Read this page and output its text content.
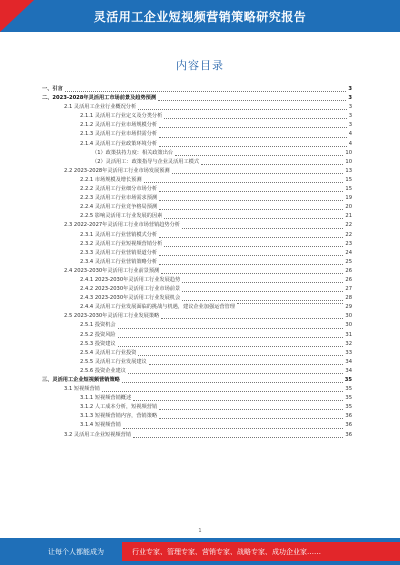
灵活用工企业短视频营销策略研究报告
内容目录
一、引言	3
二、2023-2028年灵活用工市场前景及趋势预测	3
2.1 灵活用工企业行业概况分析	3
2.1.1 灵活用工行业定义及分类分析	3
2.1.2 灵活用工行业市场规模分析	3
2.1.3 灵活用工行业市场供需分析	4
2.1.4 灵活用工行业政策环境分析	4
（1）政策扶持力度：相关政策出台	10
（2）灵活用工：政策指导与企业灵活用工模式	10
2.2 2023-2028年灵活用工行业市场发展预测	13
2.2.1 市场规模及增长预测	15
2.2.2 灵活用工行业细分市场分析	15
2.2.3 灵活用工行业市场需求预测	19
2.2.4 灵活用工行业竞争格局预测	20
2.2.5 影响灵活用工行业发展的因素	21
2.3 2022-2027年灵活用工行业市场营销趋势分析	22
2.3.1 灵活用工行业营销模式分析	22
2.3.2 灵活用工行业短视频营销分析	23
2.3.3 灵活用工行业营销渠道分析	24
2.3.4 灵活用工行业营销策略分析	25
2.4 2023-2030年灵活用工行业前景预测	26
2.4.1 2023-2030年灵活用工行业发展趋势	26
2.4.2 2023-2030年灵活用工行业市场前景	27
2.4.3 2023-2030年灵活用工行业发展机会	28
2.4.4 灵活用工行业发展面临的挑战与机遇，建议企业加强运营管理	29
2.5 2023-2030年灵活用工行业发展策略	30
2.5.1 投资机会	30
2.5.2 投资风险	31
2.5.3 投资建议	32
2.5.4 灵活用工行业投资	33
2.5.5 灵活用工行业发展建议	34
2.5.6 投资企业建议	34
三、灵活用工企业短视频营销策略	35
3.1 短视频营销	35
3.1.1 短视频营销概述	35
3.1.2 人工成本分析，短视频营销	35
3.1.3 短视频营销内容，营销策略	36
3.1.4 短视频营销	36
3.2 灵活用工企业短视频营销	36
1
让每个人都能成为	行业专家、管理专家、营销专家、战略专家、成功企业家……
